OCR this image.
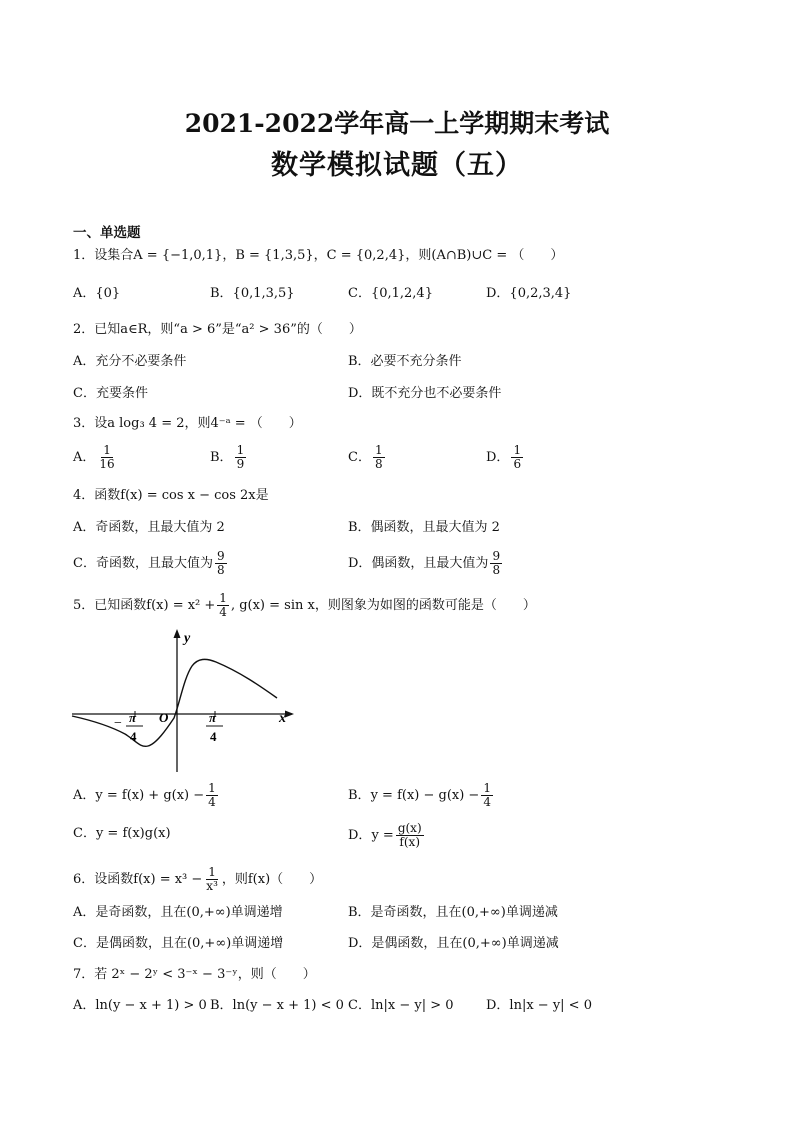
2021-2022学年高一上学期期末考试
数学模拟试题（五）
一、单选题
1．设集合A = {−1,0,1}，B = {1,3,5}，C = {0,2,4}，则(A∩B)∪C = （　　）
A．{0}	B．{0,1,3,5}	C．{0,1,2,4}	D．{0,2,3,4}
2．已知a∈R，则“a > 6”是“a² > 36”的（　　）
A．充分不必要条件	B．必要不充分条件
C．充要条件	D．既不充分也不必要条件
3．设a log₃ 4 = 2，则4⁻ᵃ = （　　）
A． $\frac{1}{16}$	B． $\frac{1}{9}$	C． $\frac{1}{8}$	D． $\frac{1}{6}$
4．函数f(x) = cos x − cos 2x是
A．奇函数，且最大值为 2	B．偶函数，且最大值为 2
C．奇函数，且最大值为 $\frac{9}{8}$	D．偶函数，且最大值为 $\frac{9}{8}$
5．已知函数$f(x) = x^2 + \frac{1}{4}$ , g(x) = sin x，则图象为如图的函数可能是（　　）
y
x
O
− π
4
π
4
A．$y = f(x) + g(x) - \frac{1}{4}$	B．$y = f(x) - g(x) - \frac{1}{4}$
C．y = f(x)g(x)	D．$y = \frac{g(x)}{f(x)}$
6．设函数$f(x) = x^3 - \frac{1}{\text{x³}}$ ，则f(x)（　　）
A．是奇函数，且在(0,+∞)单调递增	B．是奇函数，且在(0,+∞)单调递减
C．是偶函数，且在(0,+∞)单调递增	D．是偶函数，且在(0,+∞)单调递减
7．若 2ˣ − 2ʸ < 3⁻ˣ − 3⁻ʸ，则（　　）
A．ln(y − x + 1) > 0 B．ln(y − x + 1) < 0 C．ln|x − y| > 0	D．ln|x − y| < 0
